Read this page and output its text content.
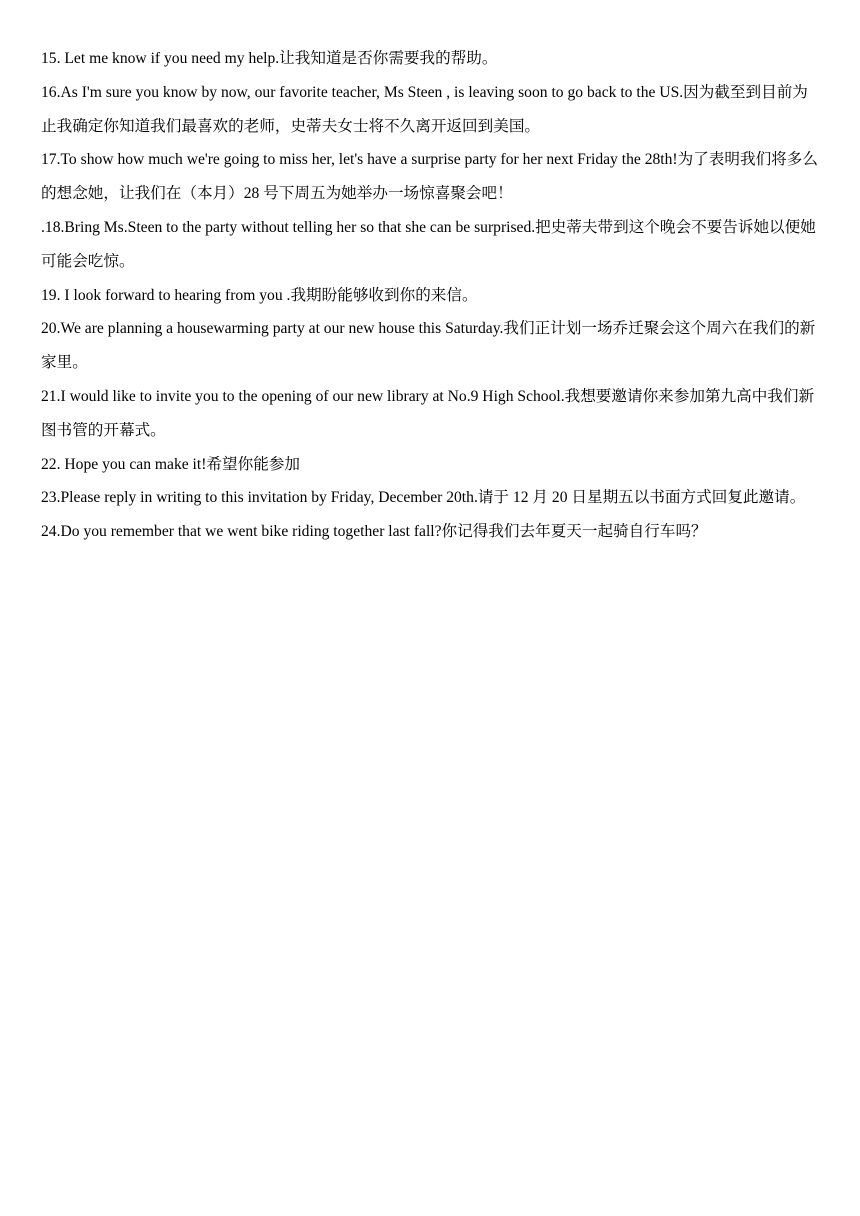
15. Let me know if you need my help.让我知道是否你需要我的帮助。

16.As I'm sure you know by now, our favorite teacher, Ms Steen , is leaving soon to go back to the US.因为截至到目前为止我确定你知道我们最喜欢的老师，史蒂夫女士将不久离开返回到美国。

17.To show how much we're going to miss her, let's have a surprise party for her next Friday the 28th!为了表明我们将多么的想念她，让我们在（本月）28 号下周五为她举办一场惊喜聚会吧！

.18.Bring Ms.Steen to the party without telling her so that she can be surprised.把史蒂夫带到这个晚会不要告诉她以便她可能会吃惊。

19. I look forward to hearing from you .我期盼能够收到你的来信。

20.We are planning a housewarming party at our new house this Saturday.我们正计划一场乔迁聚会这个周六在我们的新家里。

21.I would like to invite you to the opening of our new library at No.9 High School.我想要邀请你来参加第九高中我们新图书管的开幕式。

22. Hope you can make it!希望你能参加

23.Please reply in writing to this invitation by Friday, December 20th.请于 12 月 20 日星期五以书面方式回复此邀请。

24.Do you remember that we went bike riding together last fall?你记得我们去年夏天一起骑自行车吗？
